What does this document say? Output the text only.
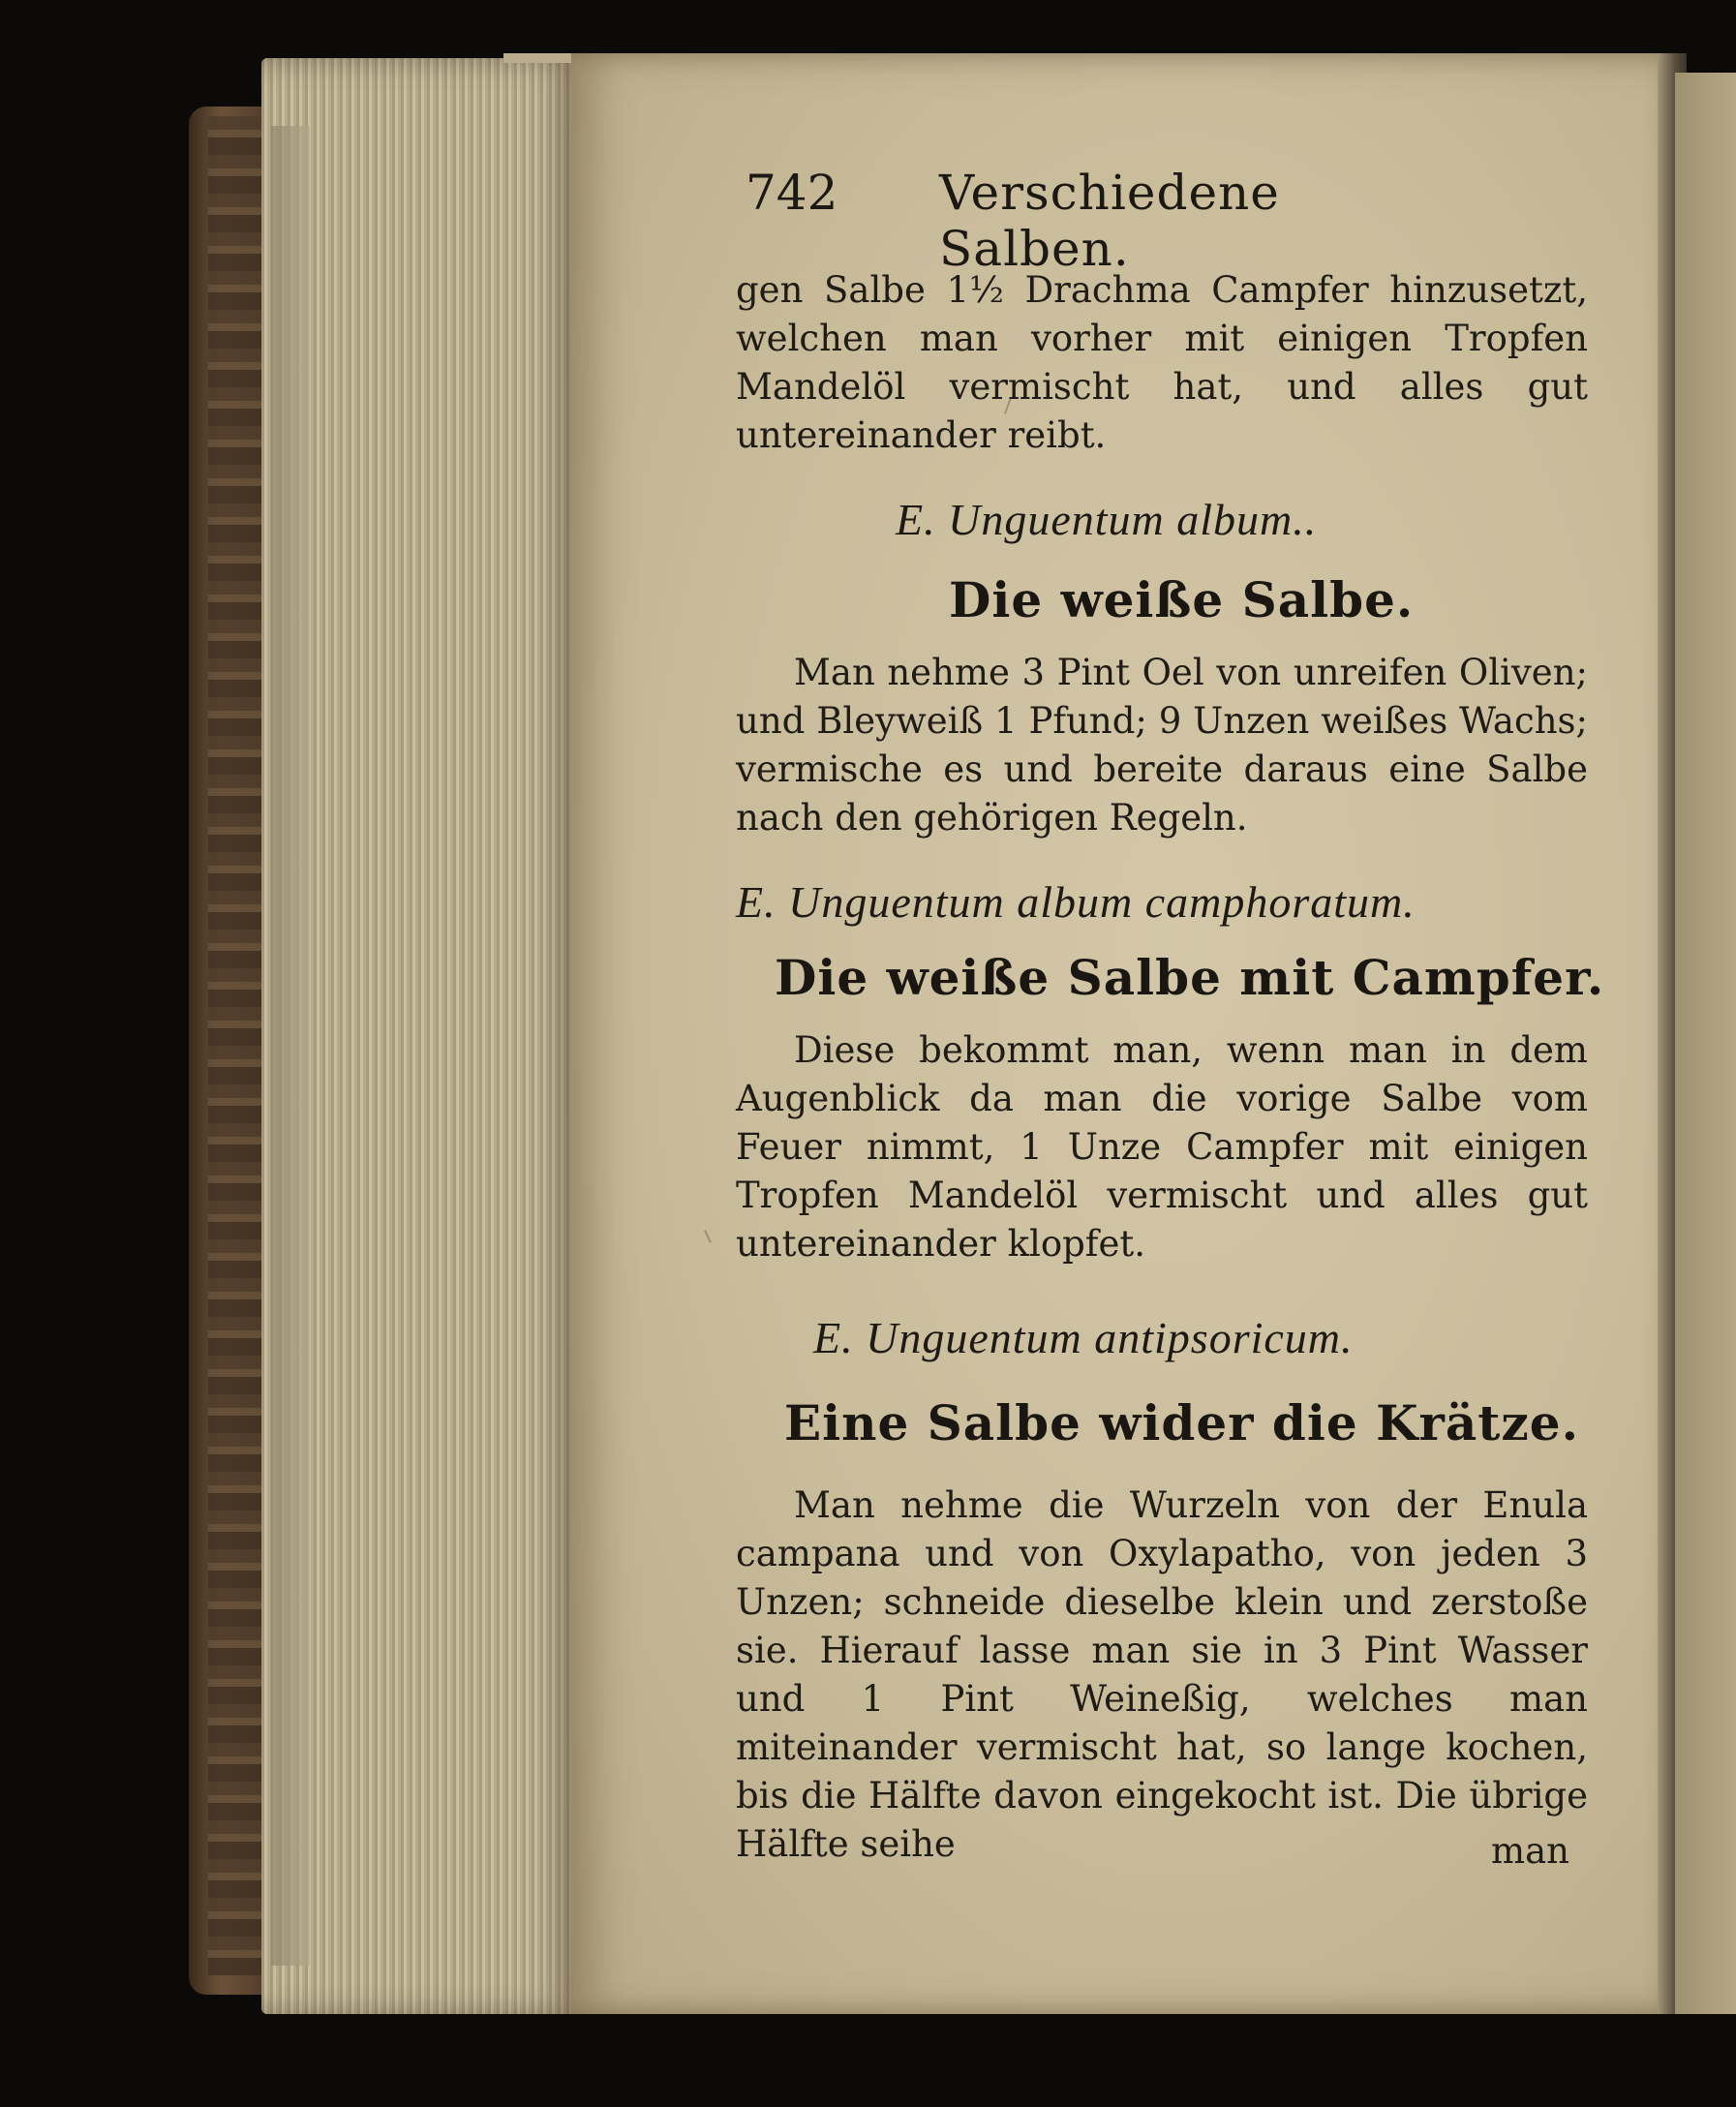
742 Verschiedene Salben.
gen Salbe 1½ Drachma Campfer hinzusetzt, welchen man vorher mit einigen Tropfen Mandelöl vermischt hat, und alles gut untereinander reibt.
E. Unguentum album..
Die weiße Salbe.
Man nehme 3 Pint Oel von unreifen Oliven; und Bleyweiß 1 Pfund; 9 Unzen weißes Wachs; vermische es und bereite daraus eine Salbe nach den gehörigen Regeln.
E. Unguentum album camphoratum.
Die weiße Salbe mit Campfer.
Diese bekommt man, wenn man in dem Augenblick da man die vorige Salbe vom Feuer nimmt, 1 Unze Campfer mit einigen Tropfen Mandelöl vermischt und alles gut untereinander klopfet.
E. Unguentum antipsoricum.
Eine Salbe wider die Krätze.
Man nehme die Wurzeln von der Enula campana und von Oxylapatho, von jeden 3 Unzen; schneide dieselbe klein und zerstoße sie. Hierauf lasse man sie in 3 Pint Wasser und 1 Pint Weineßig, welches man miteinander vermischt hat, so lange kochen, bis die Hälfte davon eingekocht ist. Die übrige Hälfte seihe	man
